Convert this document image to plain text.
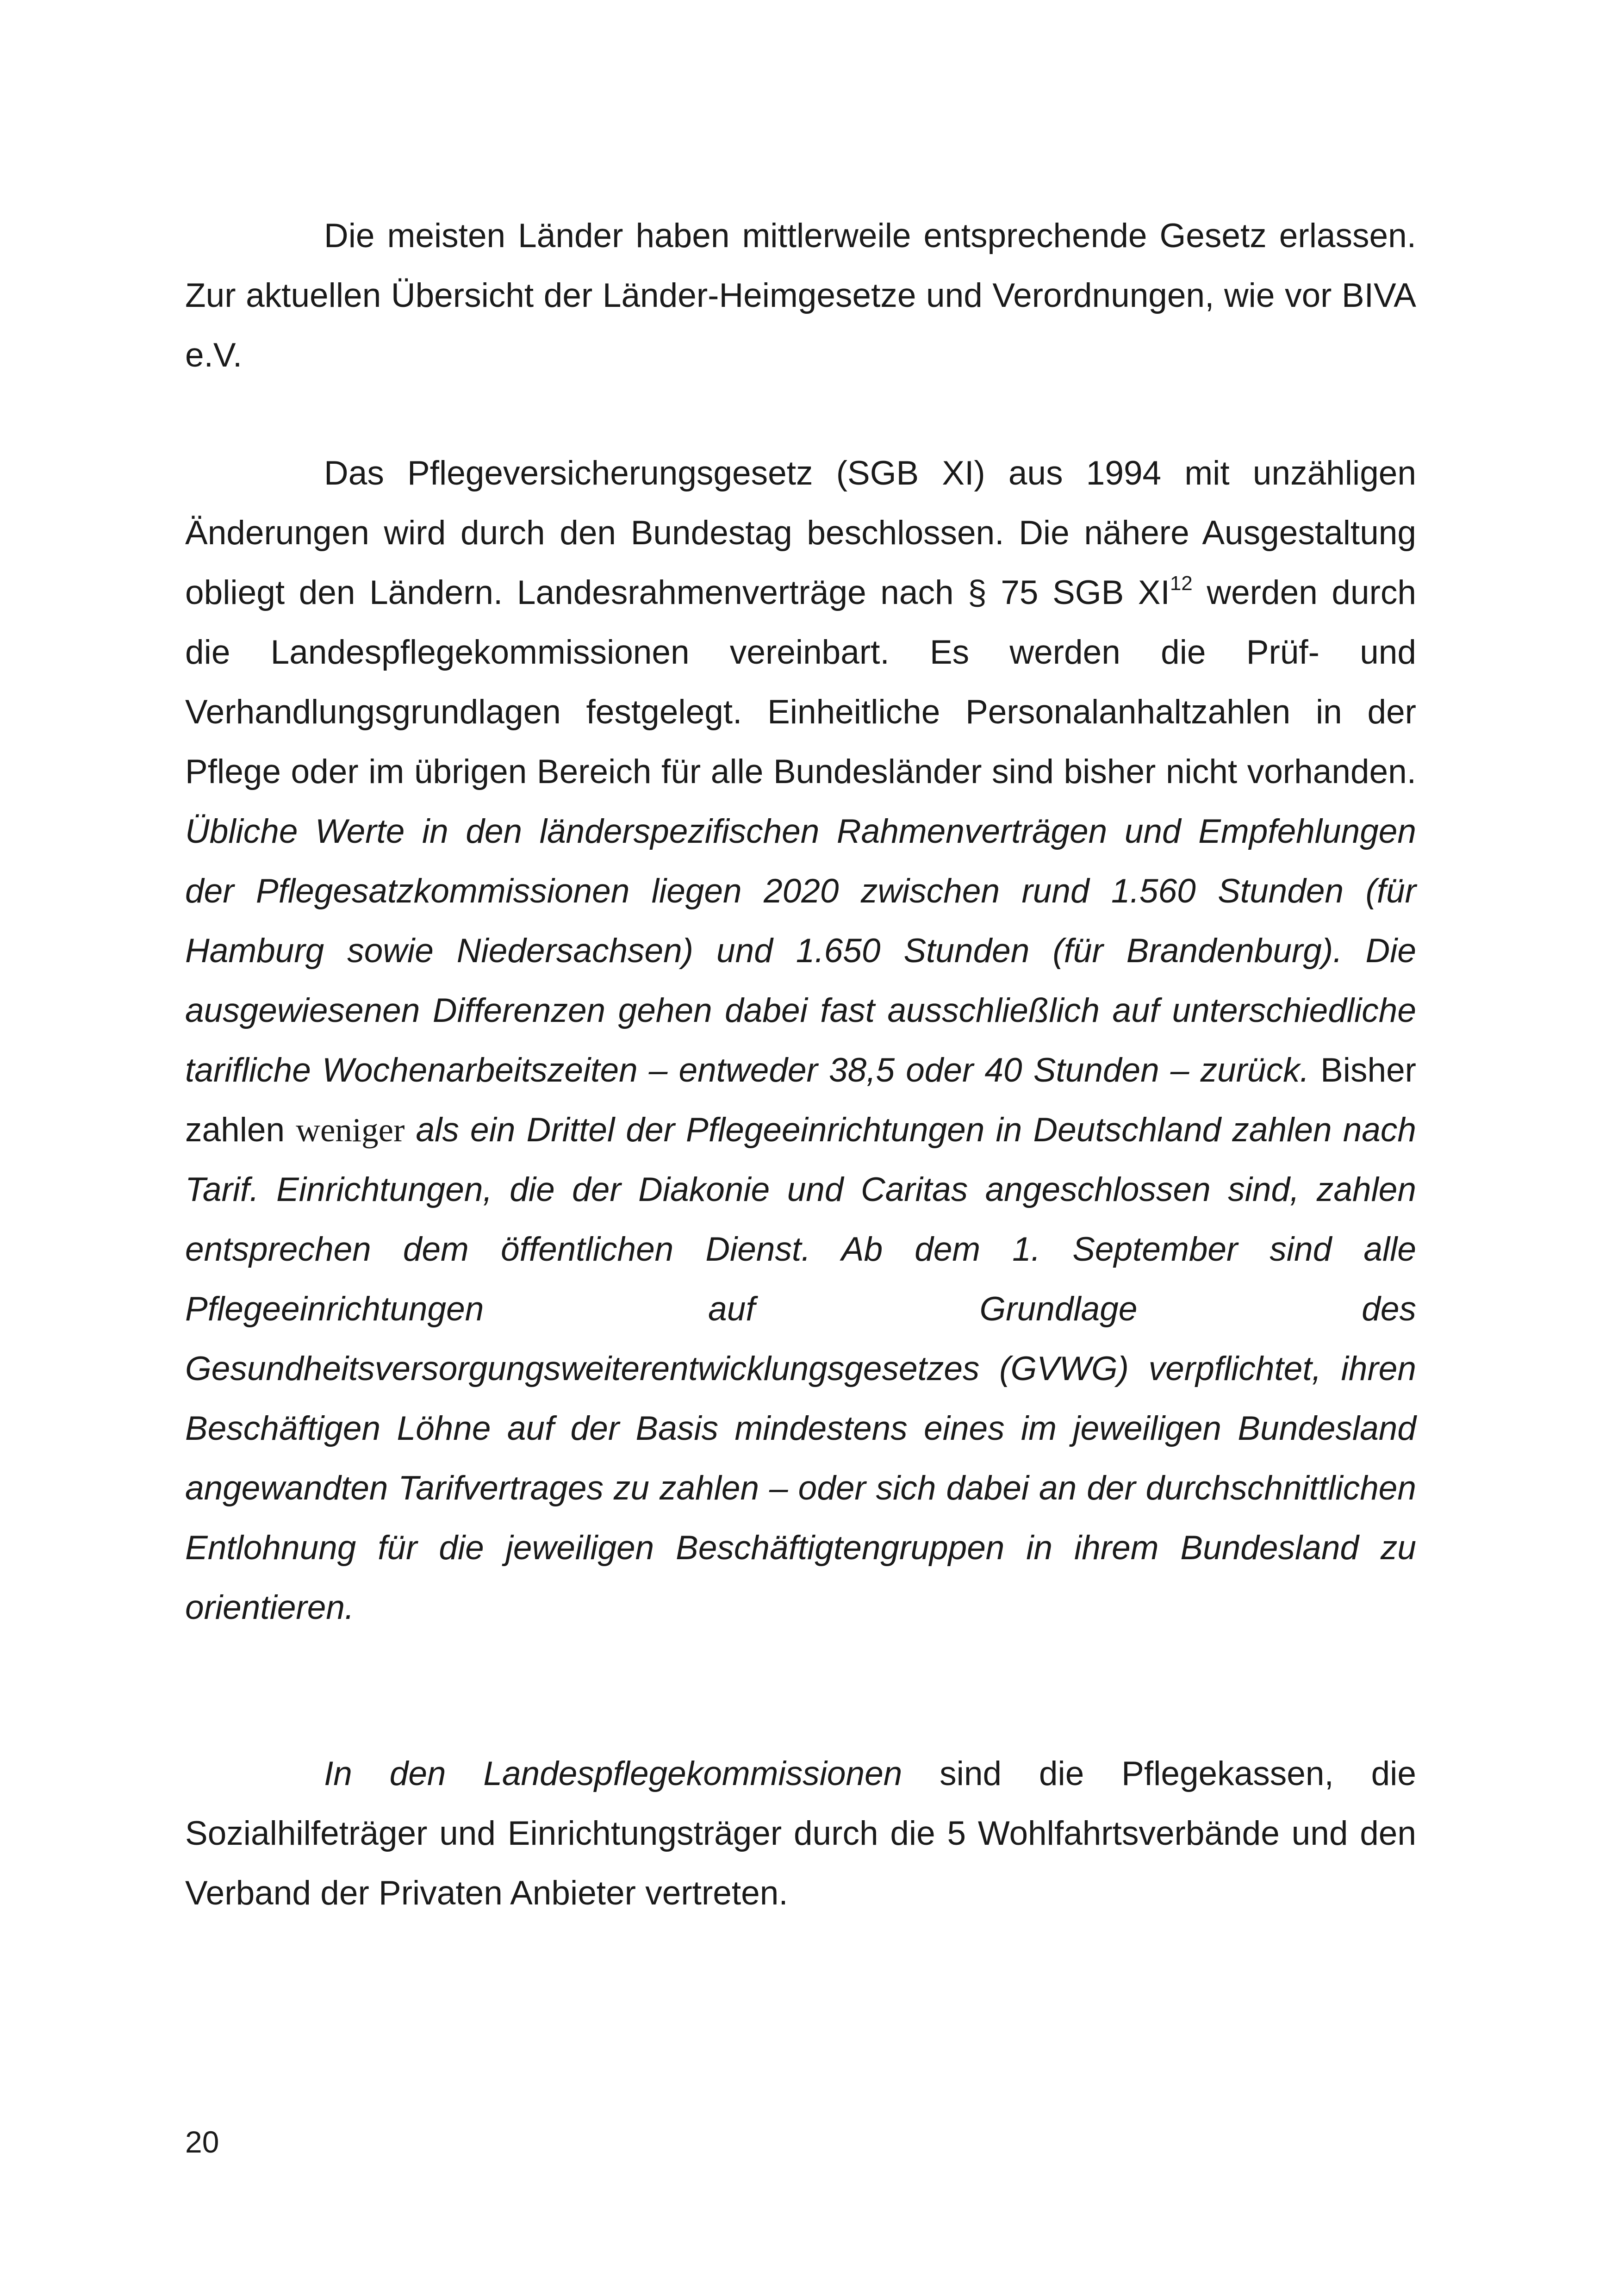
Die meisten Länder haben mittlerweile entsprechende Gesetz erlassen. Zur aktuellen Übersicht der Länder-Heimgesetze und Verordnungen, wie vor BIVA e.V.

Das Pflegeversicherungsgesetz (SGB XI) aus 1994 mit unzähligen Änderungen wird durch den Bundestag beschlossen. Die nähere Ausgestaltung obliegt den Ländern. Landesrahmenverträge nach § 75 SGB XI$^{12}$ werden durch die Landespflegekommissionen vereinbart. Es werden die Prüf- und Verhandlungsgrundlagen festgelegt. Einheitliche Personalanhaltzahlen in der Pflege oder im übrigen Bereich für alle Bundesländer sind bisher nicht vorhanden. Übliche Werte in den länderspezifischen Rahmenverträgen und Empfehlungen der Pflegesatzkommissionen liegen 2020 zwischen rund 1.560 Stunden (für Hamburg sowie Niedersachsen) und 1.650 Stunden (für Brandenburg). Die ausgewiesenen Differenzen gehen dabei fast ausschließlich auf unterschiedliche tarifliche Wochenarbeitszeiten – entweder 38,5 oder 40 Stunden – zurück. Bisher zahlen weniger als ein Drittel der Pflegeeinrichtungen in Deutschland zahlen nach Tarif. Einrichtungen, die der Diakonie und Caritas angeschlossen sind, zahlen entsprechen dem öffentlichen Dienst. Ab dem 1. September sind alle Pflegeeinrichtungen auf Grundlage des Gesundheitsversorgungsweiterentwicklungsgesetzes (GVWG) verpflichtet, ihren Beschäftigen Löhne auf der Basis mindestens eines im jeweiligen Bundesland angewandten Tarifvertrages zu zahlen – oder sich dabei an der durchschnittlichen Entlohnung für die jeweiligen Beschäftigtengruppen in ihrem Bundesland zu orientieren.

In den Landespflegekommissionen sind die Pflegekassen, die Sozialhilfeträger und Einrichtungsträger durch die 5 Wohlfahrtsverbände und den Verband der Privaten Anbieter vertreten.

20
